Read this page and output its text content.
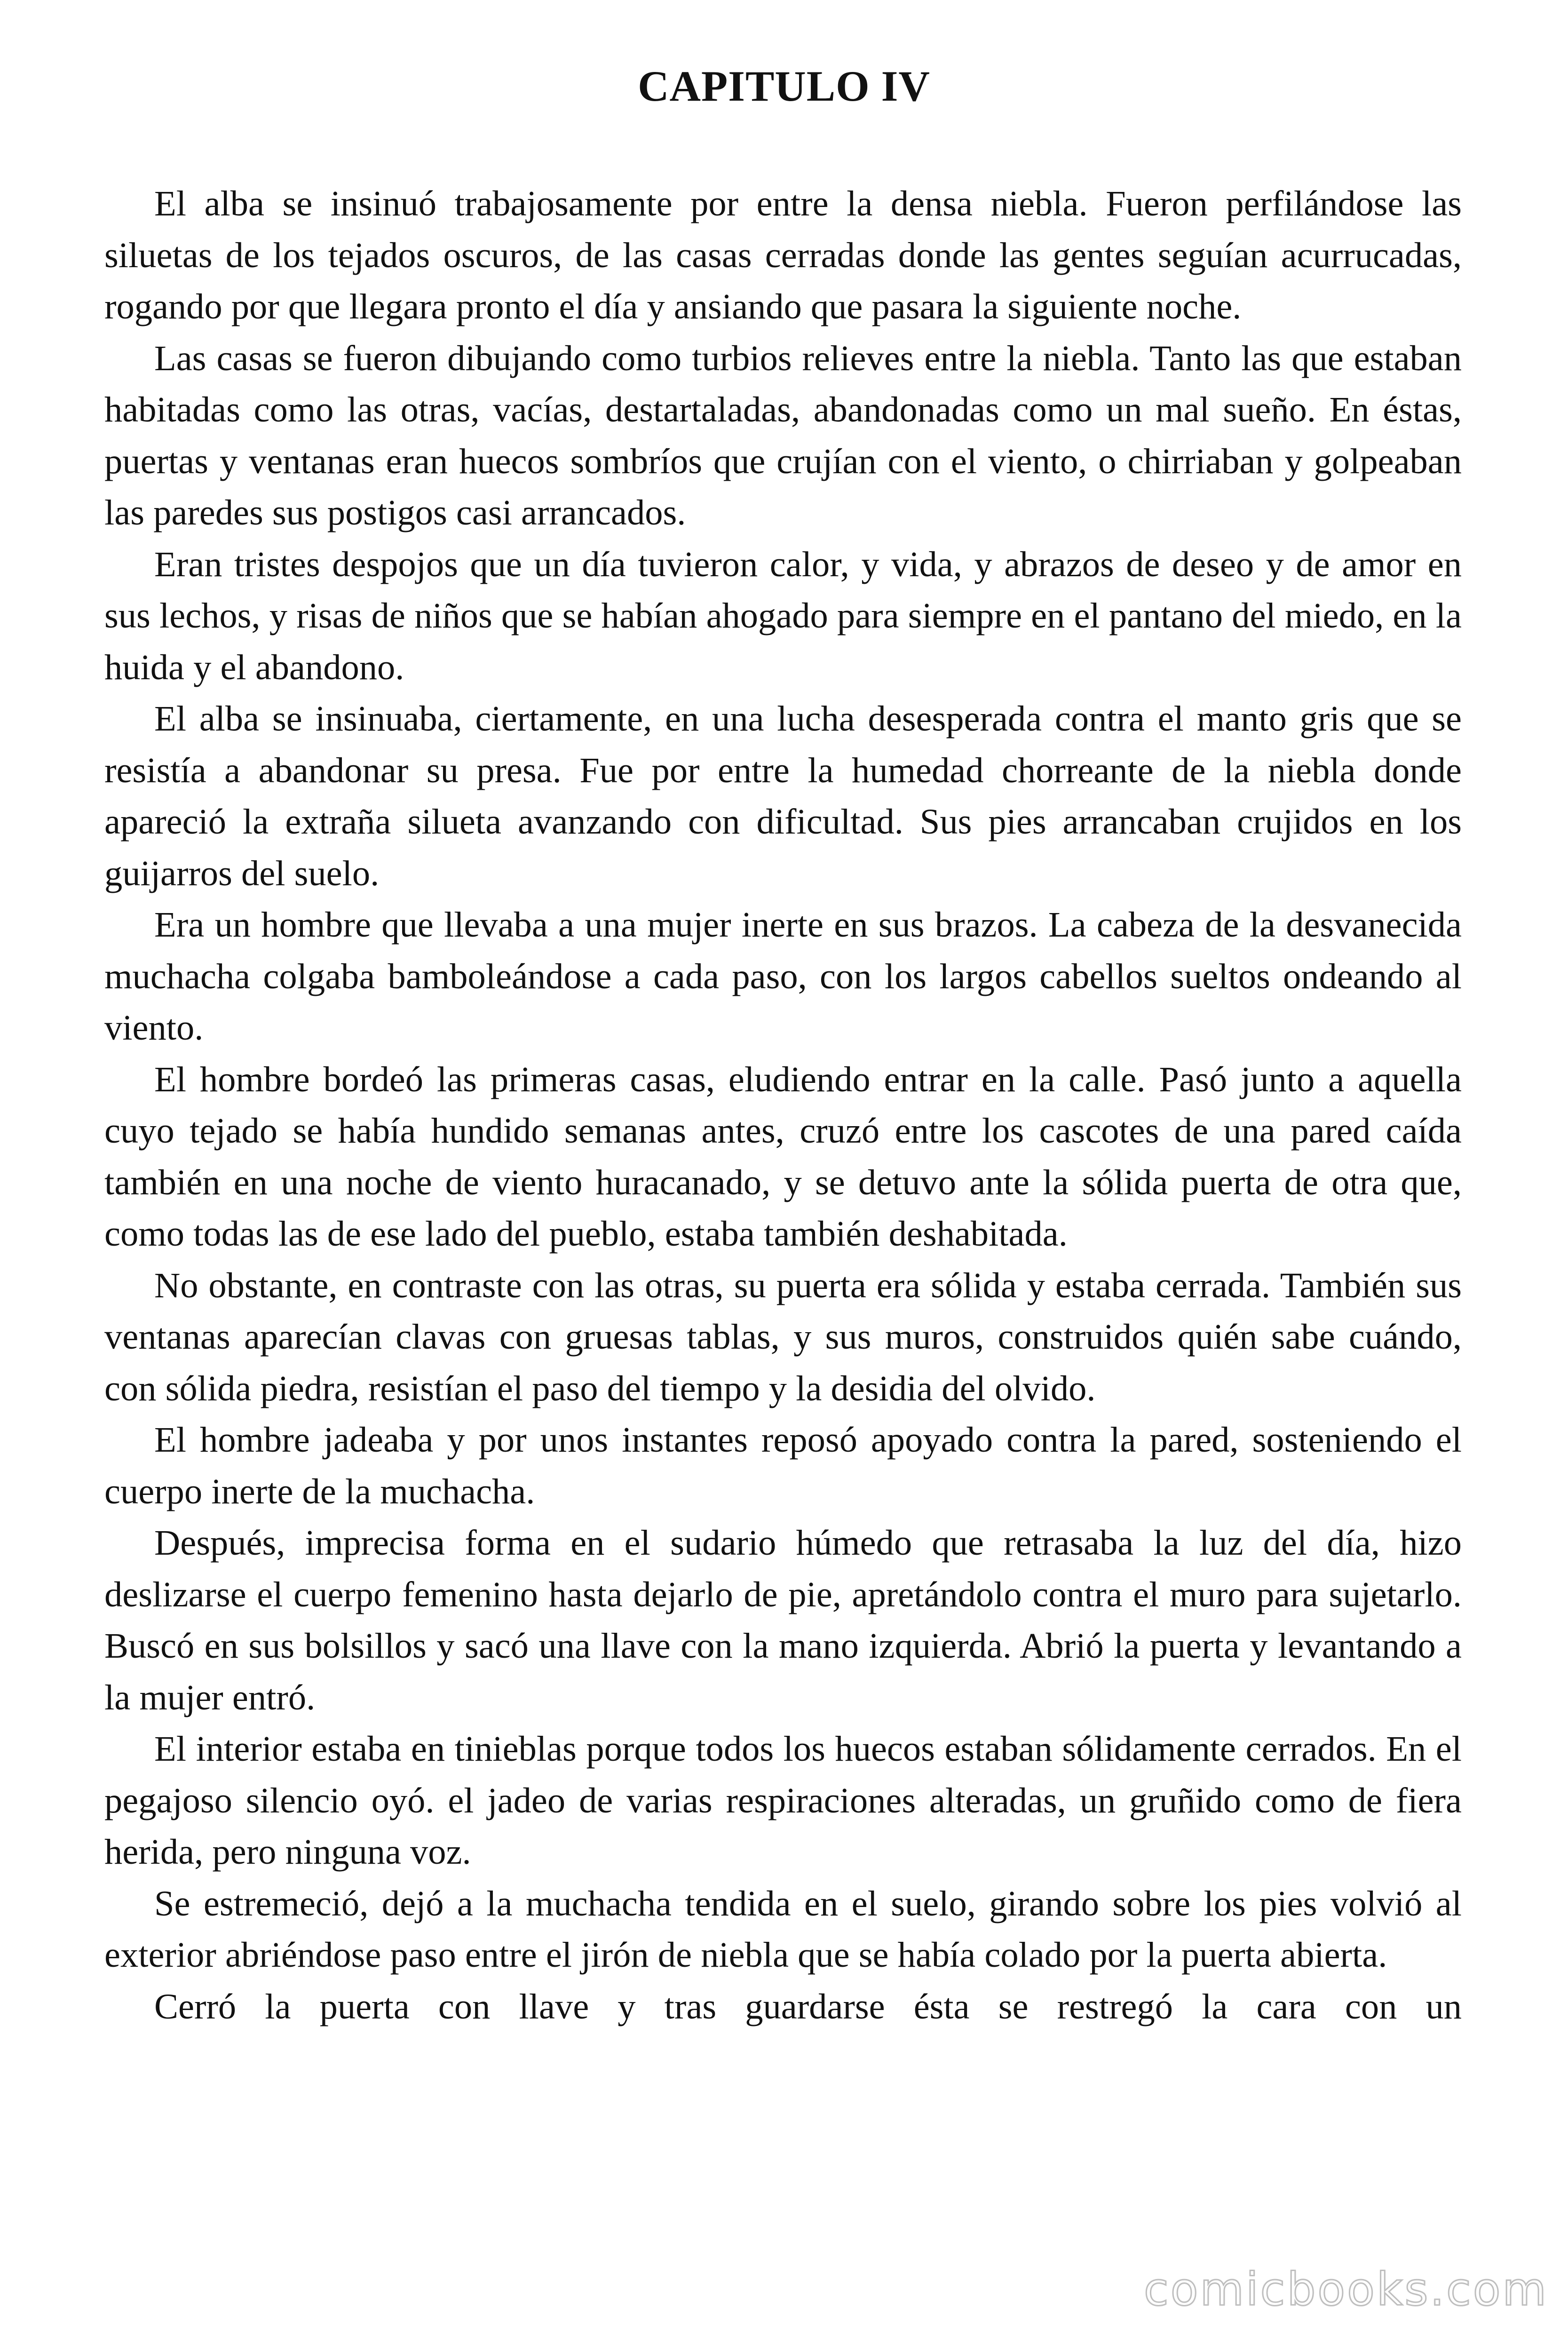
CAPITULO IV

El alba se insinuó trabajosamente por entre la densa niebla. Fueron perfilándose las siluetas de los tejados oscuros, de las casas cerradas donde las gentes seguían acurrucadas, rogando por que llegara pronto el día y ansiando que pasara la siguiente noche.

Las casas se fueron dibujando como turbios relieves entre la niebla. Tanto las que estaban habitadas como las otras, vacías, destartaladas, abandonadas como un mal sueño. En éstas, puertas y ventanas eran huecos sombríos que crujían con el viento, o chirriaban y golpeaban las paredes sus postigos casi arrancados.

Eran tristes despojos que un día tuvieron calor, y vida, y abrazos de deseo y de amor en sus lechos, y risas de niños que se habían ahogado para siempre en el pantano del miedo, en la huida y el abandono.

El alba se insinuaba, ciertamente, en una lucha desesperada contra el manto gris que se resistía a abandonar su presa. Fue por entre la humedad chorreante de la niebla donde apareció la extraña silueta avanzando con dificultad. Sus pies arrancaban crujidos en los guijarros del suelo.

Era un hombre que llevaba a una mujer inerte en sus brazos. La cabeza de la desvanecida muchacha colgaba bamboleándose a cada paso, con los largos cabellos sueltos ondeando al viento.

El hombre bordeó las primeras casas, eludiendo entrar en la calle. Pasó junto a aquella cuyo tejado se había hundido semanas antes, cruzó entre los cascotes de una pared caída también en una noche de viento huracanado, y se detuvo ante la sólida puerta de otra que, como todas las de ese lado del pueblo, estaba también deshabitada.

No obstante, en contraste con las otras, su puerta era sólida y estaba cerrada. También sus ventanas aparecían clavas con gruesas tablas, y sus muros, construidos quién sabe cuándo, con sólida piedra, resistían el paso del tiempo y la desidia del olvido.

El hombre jadeaba y por unos instantes reposó apoyado contra la pared, sosteniendo el cuerpo inerte de la muchacha.

Después, imprecisa forma en el sudario húmedo que retrasaba la luz del día, hizo deslizarse el cuerpo femenino hasta dejarlo de pie, apretándolo contra el muro para sujetarlo. Buscó en sus bolsillos y sacó una llave con la mano izquierda. Abrió la puerta y levantando a la mujer entró.

El interior estaba en tinieblas porque todos los huecos estaban sólidamente cerrados. En el pegajoso silencio oyó. el jadeo de varias respiraciones alteradas, un gruñido como de fiera herida, pero ninguna voz.

Se estremeció, dejó a la muchacha tendida en el suelo, girando sobre los pies volvió al exterior abriéndose paso entre el jirón de niebla que se había colado por la puerta abierta.

Cerró la puerta con llave y tras guardarse ésta se restregó la cara con un

comicbooks.com
